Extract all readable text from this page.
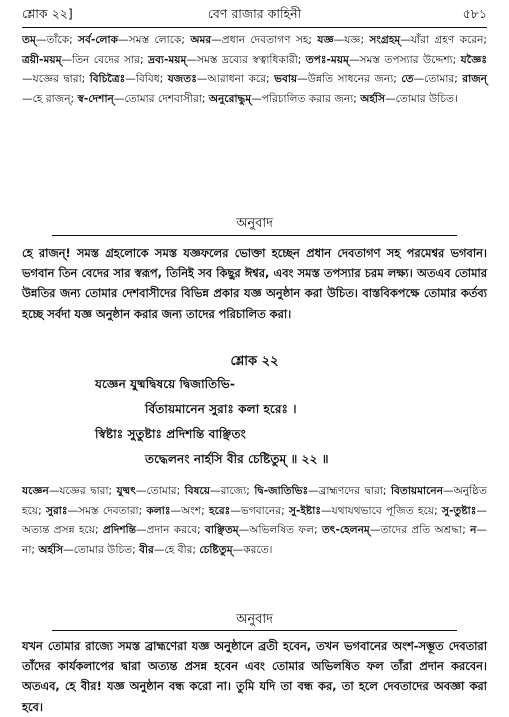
শ্লোক ২২]	বেণ রাজার কাহিনী	৫৮১
তম্—তাঁকে; সর্ব-লোক—সমস্ত লোকে; অমর—প্রধান দেবতাগণ সহ; যজ্ঞ—যজ্ঞ; সংগ্রহম্—যাঁরা গ্রহণ করেন; ত্রয়ী-ময়ম্—তিন বেদের সার; দ্রব্য-ময়ম্—সমস্ত দ্রব্যের স্বত্বাধিকারী; তপঃ-ময়ম্—সমস্ত তপস্যার উদ্দেশ্য; যজ্ঞৈঃ—যজ্ঞের দ্বারা; বিচিত্রৈঃ—বিবিধ; যজতঃ—আরাধনা করে; ভবায়—উন্নতি সাধনের জন্য; তে—তোমার; রাজন্—হে রাজন্; স্ব-দেশান্—তোমার দেশবাসীরা; অনুরোদ্ধুম্—পরিচালিত করার জন্য; অর্হসি—তোমার উচিত।
অনুবাদ
হে রাজন্! সমস্ত গ্রহলোকে সমস্ত যজ্ঞফলের ভোক্তা হচ্ছেন প্রধান দেবতাগণ সহ পরমেশ্বর ভগবান। ভগবান তিন বেদের সার স্বরূপ, তিনিই সব কিছুর ঈশ্বর, এবং সমস্ত তপস্যার চরম লক্ষ্য। অতএব তোমার উন্নতির জন্য তোমার দেশবাসীদের বিভিন্ন প্রকার যজ্ঞ অনুষ্ঠান করা উচিত। বাস্তবিকপক্ষে তোমার কর্তব্য হচ্ছে সর্বদা যজ্ঞ অনুষ্ঠান করার জন্য তাদের পরিচালিত করা।
শ্লোক ২২
যজ্ঞেন যুষ্মদ্বিষয়ে দ্বিজাতিভি-
র্বিতায়মানেন সুরাঃ কলা হরেঃ ।
স্বিষ্টাঃ সুতুষ্টাঃ প্রদিশন্তি বাঞ্ছিতং
তদ্ধেলনং নার্হসি বীর চেষ্টিতুম্ ॥ ২২ ॥
যজ্ঞেন—যজ্ঞের দ্বারা; যুষ্মৎ—তোমার; বিষয়ে—রাজ্যে; দ্বি-জাতিভিঃ—ব্রাহ্মণদের দ্বারা; বিতায়মানেন—অনুষ্ঠিত হয়ে; সুরাঃ—সমস্ত দেবতারা; কলাঃ—অংশ; হরেঃ—ভগবানের; সু-ইষ্টাঃ—যথাযথভাবে পূজিত হয়ে; সু-তুষ্টাঃ—অত্যন্ত প্রসন্ন হয়ে; প্রদিশন্তি—প্রদান করবে; বাঞ্ছিতম্—অভিলষিত ফল; তৎ-হেলনম্—তাদের প্রতি অশ্রদ্ধা; ন—না; অর্হসি—তোমার উচিত; বীর—হে বীর; চেষ্টিতুম্—করতে।
অনুবাদ
যখন তোমার রাজ্যে সমস্ত ব্রাহ্মণেরা যজ্ঞ অনুষ্ঠানে ব্রতী হবেন, তখন ভগবানের অংশ-সম্ভূত দেবতারা তাঁদের কার্যকলাপের দ্বারা অত্যন্ত প্রসন্ন হবেন এবং তোমার অভিলষিত ফল তাঁরা প্রদান করবেন। অতএব, হে বীর! যজ্ঞ অনুষ্ঠান বন্ধ করো না। তুমি যদি তা বন্ধ কর, তা হলে দেবতাদের অবজ্ঞা করা হবে।
